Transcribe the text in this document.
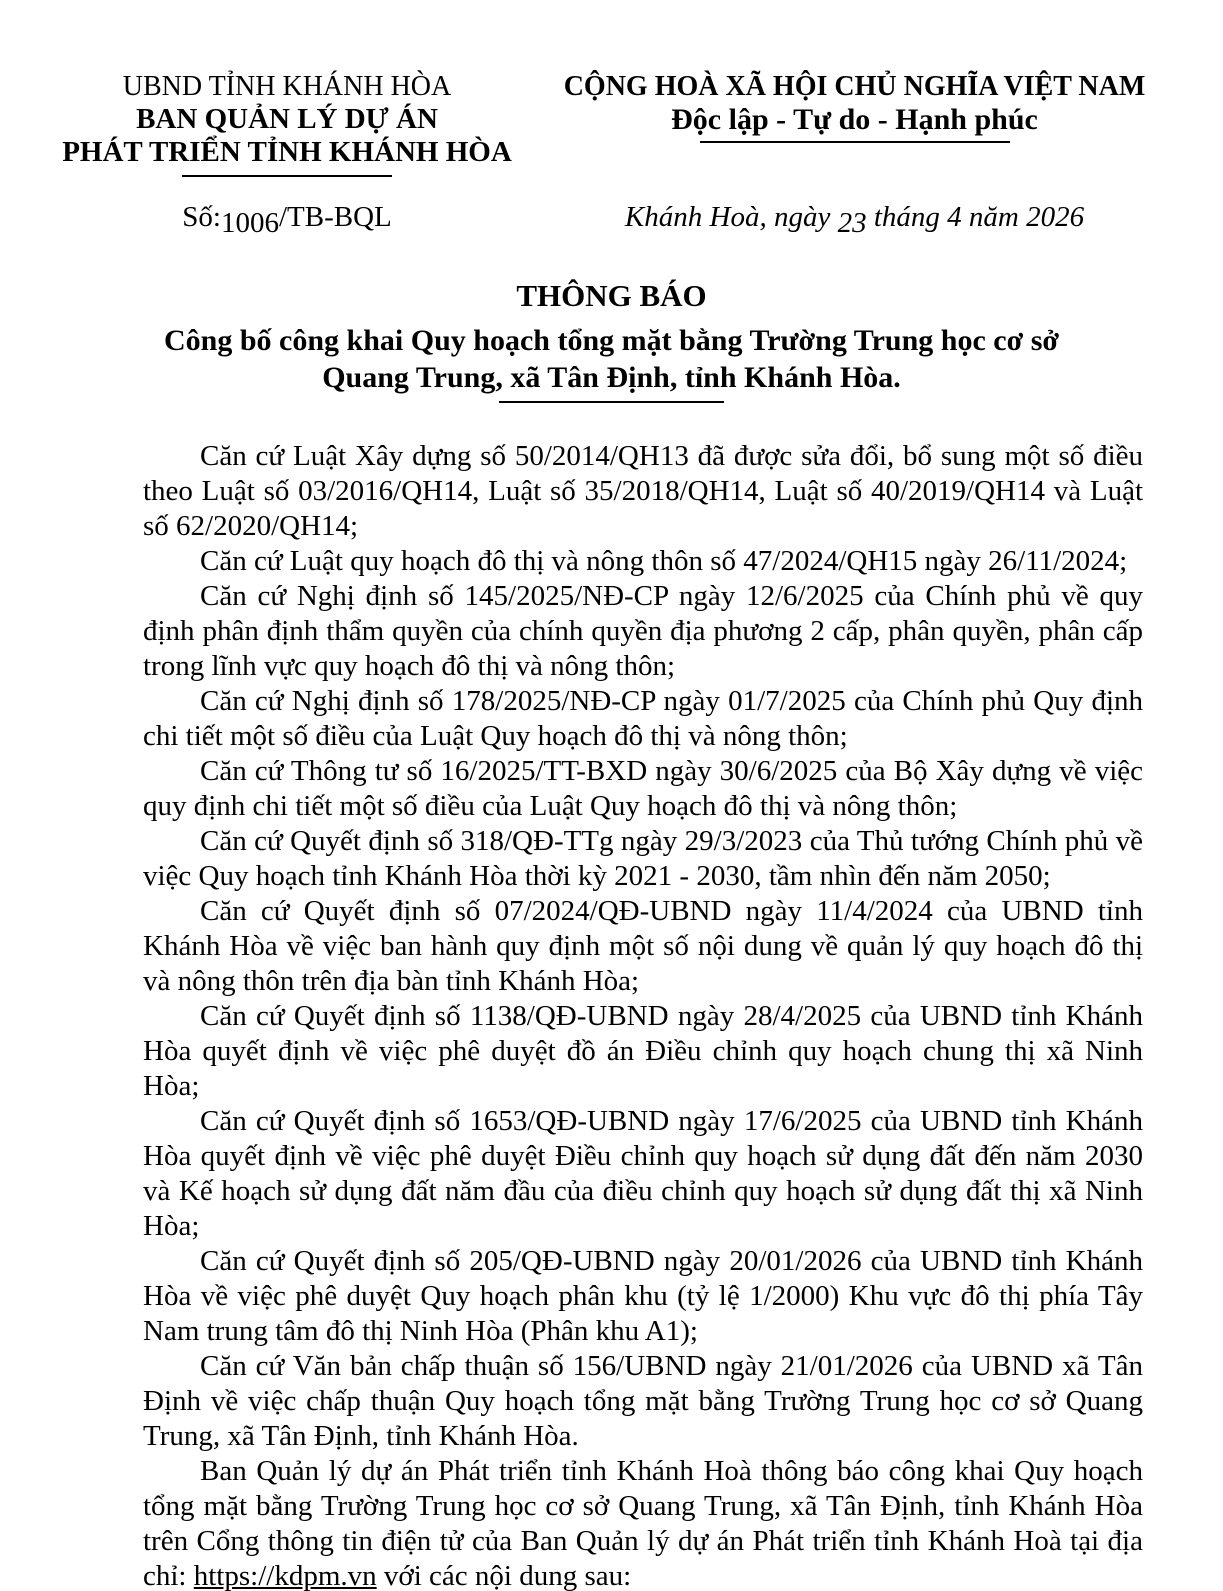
UBND TỈNH KHÁNH HÒA
BAN QUẢN LÝ DỰ ÁN
PHÁT TRIỂN TỈNH KHÁNH HÒA
CỘNG HOÀ XÃ HỘI CHỦ NGHĨA VIỆT NAM
Độc lập - Tự do - Hạnh phúc
Số:1006/TB-BQL	Khánh Hoà, ngày 23 tháng 4 năm 2026
THÔNG BÁO
Công bố công khai Quy hoạch tổng mặt bằng Trường Trung học cơ sở
Quang Trung, xã Tân Định, tỉnh Khánh Hòa.

Căn cứ Luật Xây dựng số 50/2014/QH13 đã được sửa đổi, bổ sung một số điều theo Luật số 03/2016/QH14, Luật số 35/2018/QH14, Luật số 40/2019/QH14 và Luật số 62/2020/QH14;

Căn cứ Luật quy hoạch đô thị và nông thôn số 47/2024/QH15 ngày 26/11/2024;

Căn cứ Nghị định số 145/2025/NĐ-CP ngày 12/6/2025 của Chính phủ về quy định phân định thẩm quyền của chính quyền địa phương 2 cấp, phân quyền, phân cấp trong lĩnh vực quy hoạch đô thị và nông thôn;

Căn cứ Nghị định số 178/2025/NĐ-CP ngày 01/7/2025 của Chính phủ Quy định chi tiết một số điều của Luật Quy hoạch đô thị và nông thôn;

Căn cứ Thông tư số 16/2025/TT-BXD ngày 30/6/2025 của Bộ Xây dựng về việc quy định chi tiết một số điều của Luật Quy hoạch đô thị và nông thôn;

Căn cứ Quyết định số 318/QĐ-TTg ngày 29/3/2023 của Thủ tướng Chính phủ về việc Quy hoạch tỉnh Khánh Hòa thời kỳ 2021 - 2030, tầm nhìn đến năm 2050;

Căn cứ Quyết định số 07/2024/QĐ-UBND ngày 11/4/2024 của UBND tỉnh Khánh Hòa về việc ban hành quy định một số nội dung về quản lý quy hoạch đô thị và nông thôn trên địa bàn tỉnh Khánh Hòa;

Căn cứ Quyết định số 1138/QĐ-UBND ngày 28/4/2025 của UBND tỉnh Khánh Hòa quyết định về việc phê duyệt đồ án Điều chỉnh quy hoạch chung thị xã Ninh Hòa;

Căn cứ Quyết định số 1653/QĐ-UBND ngày 17/6/2025 của UBND tỉnh Khánh Hòa quyết định về việc phê duyệt Điều chỉnh quy hoạch sử dụng đất đến năm 2030 và Kế hoạch sử dụng đất năm đầu của điều chỉnh quy hoạch sử dụng đất thị xã Ninh Hòa;

Căn cứ Quyết định số 205/QĐ-UBND ngày 20/01/2026 của UBND tỉnh Khánh Hòa về việc phê duyệt Quy hoạch phân khu (tỷ lệ 1/2000) Khu vực đô thị phía Tây Nam trung tâm đô thị Ninh Hòa (Phân khu A1);

Căn cứ Văn bản chấp thuận số 156/UBND ngày 21/01/2026 của UBND xã Tân Định về việc chấp thuận Quy hoạch tổng mặt bằng Trường Trung học cơ sở Quang Trung, xã Tân Định, tỉnh Khánh Hòa.

Ban Quản lý dự án Phát triển tỉnh Khánh Hoà thông báo công khai Quy hoạch tổng mặt bằng Trường Trung học cơ sở Quang Trung, xã Tân Định, tỉnh Khánh Hòa trên Cổng thông tin điện tử của Ban Quản lý dự án Phát triển tỉnh Khánh Hoà tại địa chỉ: https://kdpm.vn với các nội dung sau:
